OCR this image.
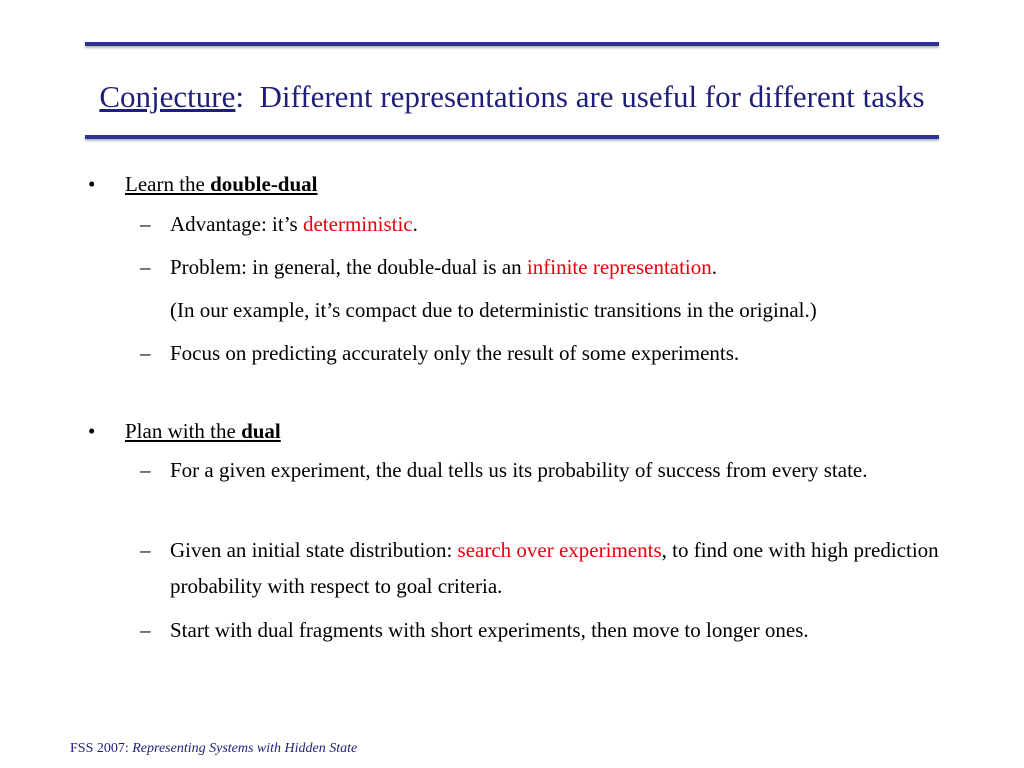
Conjecture: Different representations are useful for different tasks
• Learn the double-dual
– Advantage: it’s deterministic.
– Problem: in general, the double-dual is an infinite representation.
(In our example, it’s compact due to deterministic transitions in the original.)
– Focus on predicting accurately only the result of some experiments.
• Plan with the dual
– For a given experiment, the dual tells us its probability of success from every state.
– Given an initial state distribution: search over experiments, to find one with high prediction probability with respect to goal criteria.
– Start with dual fragments with short experiments, then move to longer ones.
FSS 2007: Representing Systems with Hidden State
